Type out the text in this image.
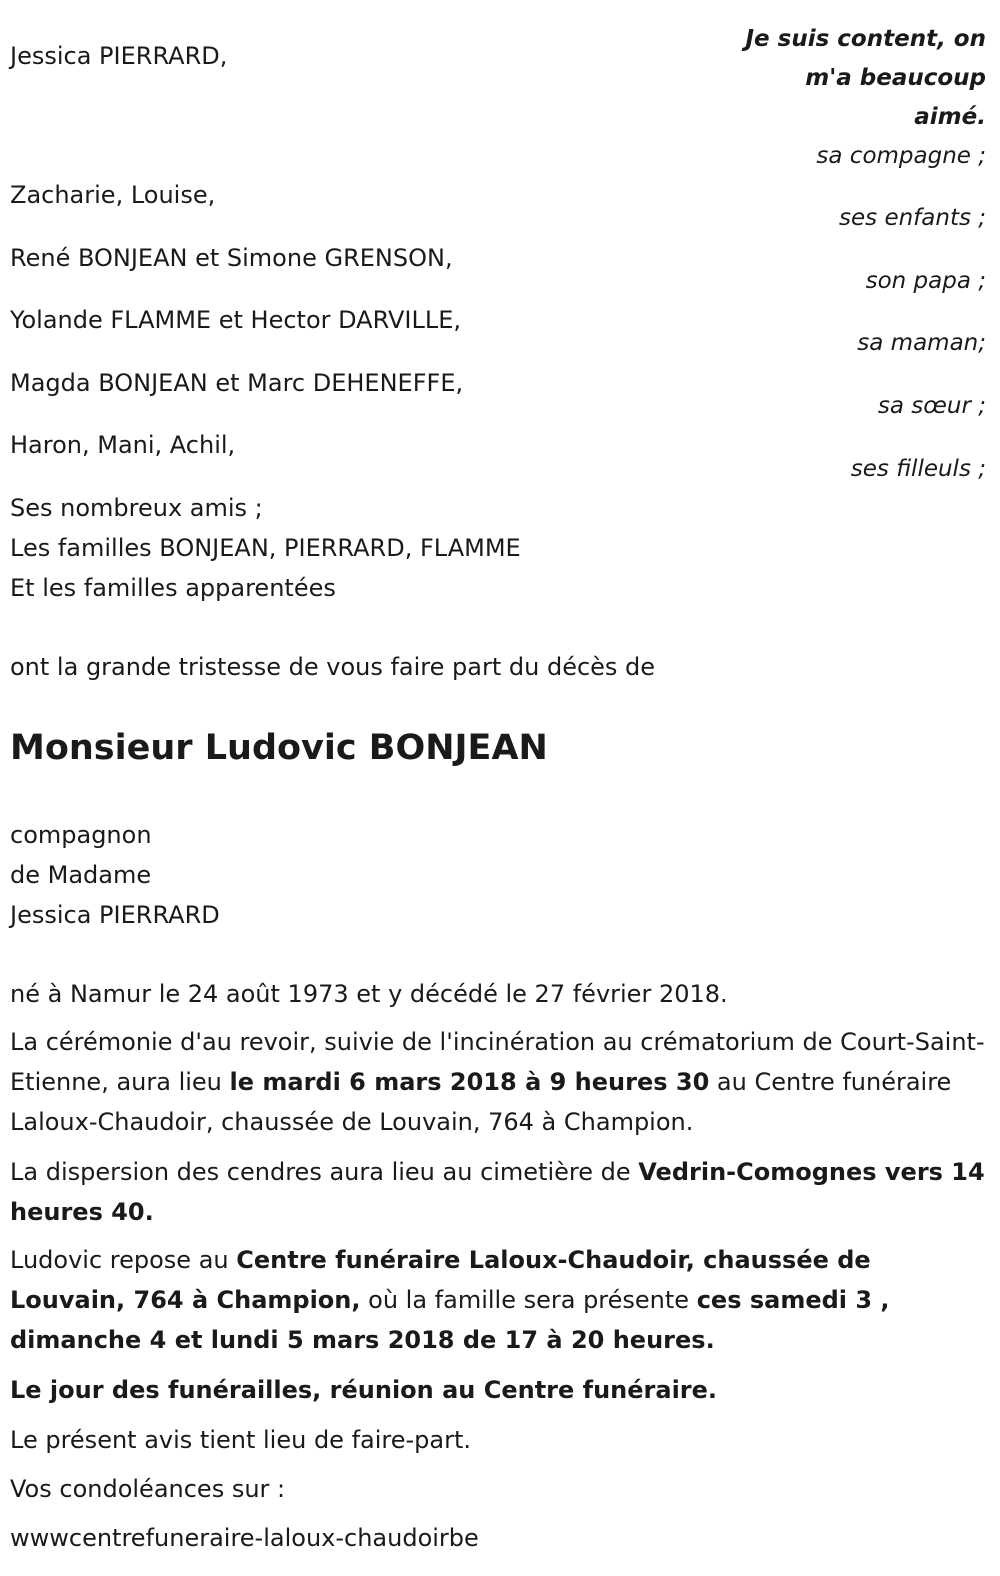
Je suis content, on
m'a beaucoup
aimé.

Jessica PIERRARD,

sa compagne ;

Zacharie, Louise,

ses enfants ;

René BONJEAN et Simone GRENSON,

son papa ;

Yolande FLAMME et Hector DARVILLE,

sa maman;

Magda BONJEAN et Marc DEHENEFFE,

sa sœur ;

Haron, Mani, Achil,

ses filleuls ;

Ses nombreux amis ;

Les familles BONJEAN, PIERRARD, FLAMME

Et les familles apparentées

ont la grande tristesse de vous faire part du décès de

Monsieur Ludovic BONJEAN

compagnon

de Madame

Jessica PIERRARD

né à Namur le 24 août 1973 et y décédé le 27 février 2018.

La cérémonie d'au revoir, suivie de l'incinération au crématorium de Court-Saint-Etienne, aura lieu le mardi 6 mars 2018 à 9 heures 30 au Centre funéraire Laloux-Chaudoir, chaussée de Louvain, 764 à Champion.

La dispersion des cendres aura lieu au cimetière de Vedrin-Comognes vers 14 heures 40.

Ludovic repose au Centre funéraire Laloux-Chaudoir, chaussée de Louvain, 764 à Champion, où la famille sera présente ces samedi 3 , dimanche 4 et lundi 5 mars 2018 de 17 à 20 heures.

Le jour des funérailles, réunion au Centre funéraire.

Le présent avis tient lieu de faire-part.

Vos condoléances sur :

wwwcentrefuneraire-laloux-chaudoirbe
